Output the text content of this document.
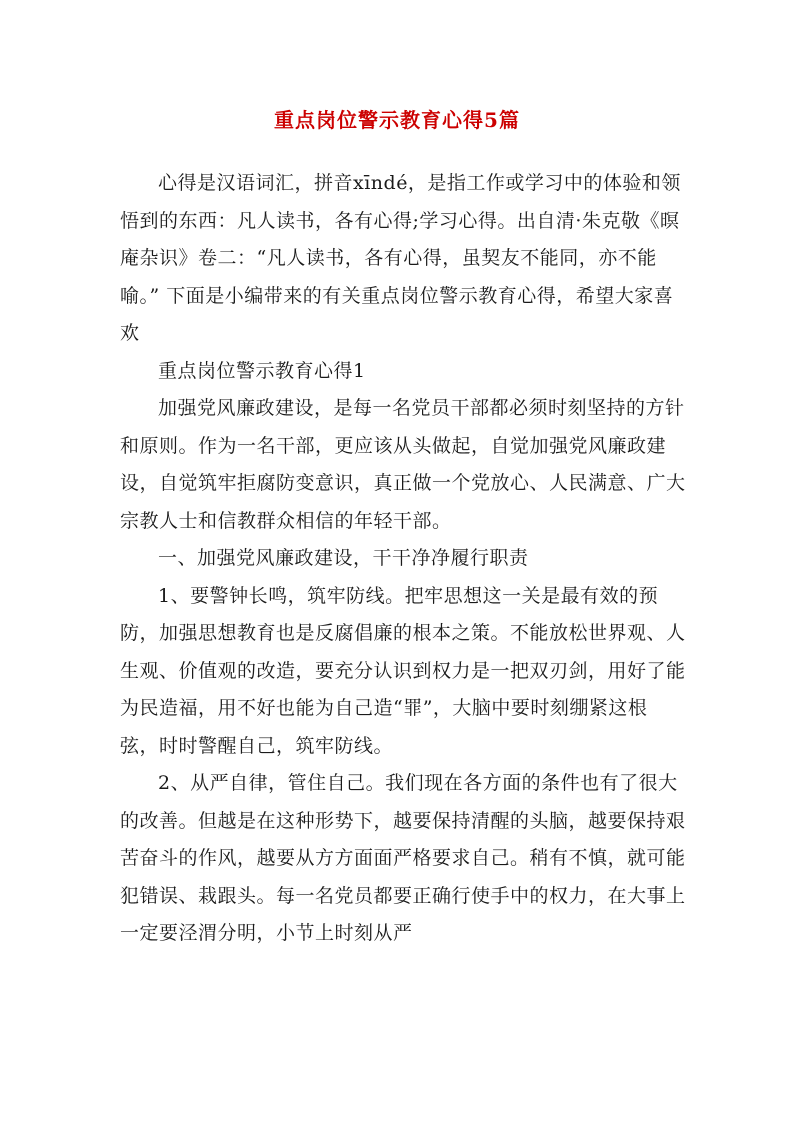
重点岗位警示教育心得5篇

心得是汉语词汇，拼音xīndé，是指工作或学习中的体验和领悟到的东西：凡人读书，各有心得;学习心得。出自清·朱克敬《暝庵杂识》卷二：“凡人读书，各有心得，虽契友不能同，亦不能喻。” 下面是小编带来的有关重点岗位警示教育心得，希望大家喜欢

重点岗位警示教育心得1

加强党风廉政建设，是每一名党员干部都必须时刻坚持的方针和原则。作为一名干部，更应该从头做起，自觉加强党风廉政建设，自觉筑牢拒腐防变意识，真正做一个党放心、人民满意、广大宗教人士和信教群众相信的年轻干部。

一、加强党风廉政建设，干干净净履行职责

1、要警钟长鸣，筑牢防线。把牢思想这一关是最有效的预防，加强思想教育也是反腐倡廉的根本之策。不能放松世界观、人生观、价值观的改造，要充分认识到权力是一把双刃剑，用好了能为民造福，用不好也能为自己造“罪”，大脑中要时刻绷紧这根弦，时时警醒自己，筑牢防线。

2、从严自律，管住自己。我们现在各方面的条件也有了很大的改善。但越是在这种形势下，越要保持清醒的头脑，越要保持艰苦奋斗的作风，越要从方方面面严格要求自己。稍有不慎，就可能犯错误、栽跟头。每一名党员都要正确行使手中的权力，在大事上一定要泾渭分明，小节上时刻从严
